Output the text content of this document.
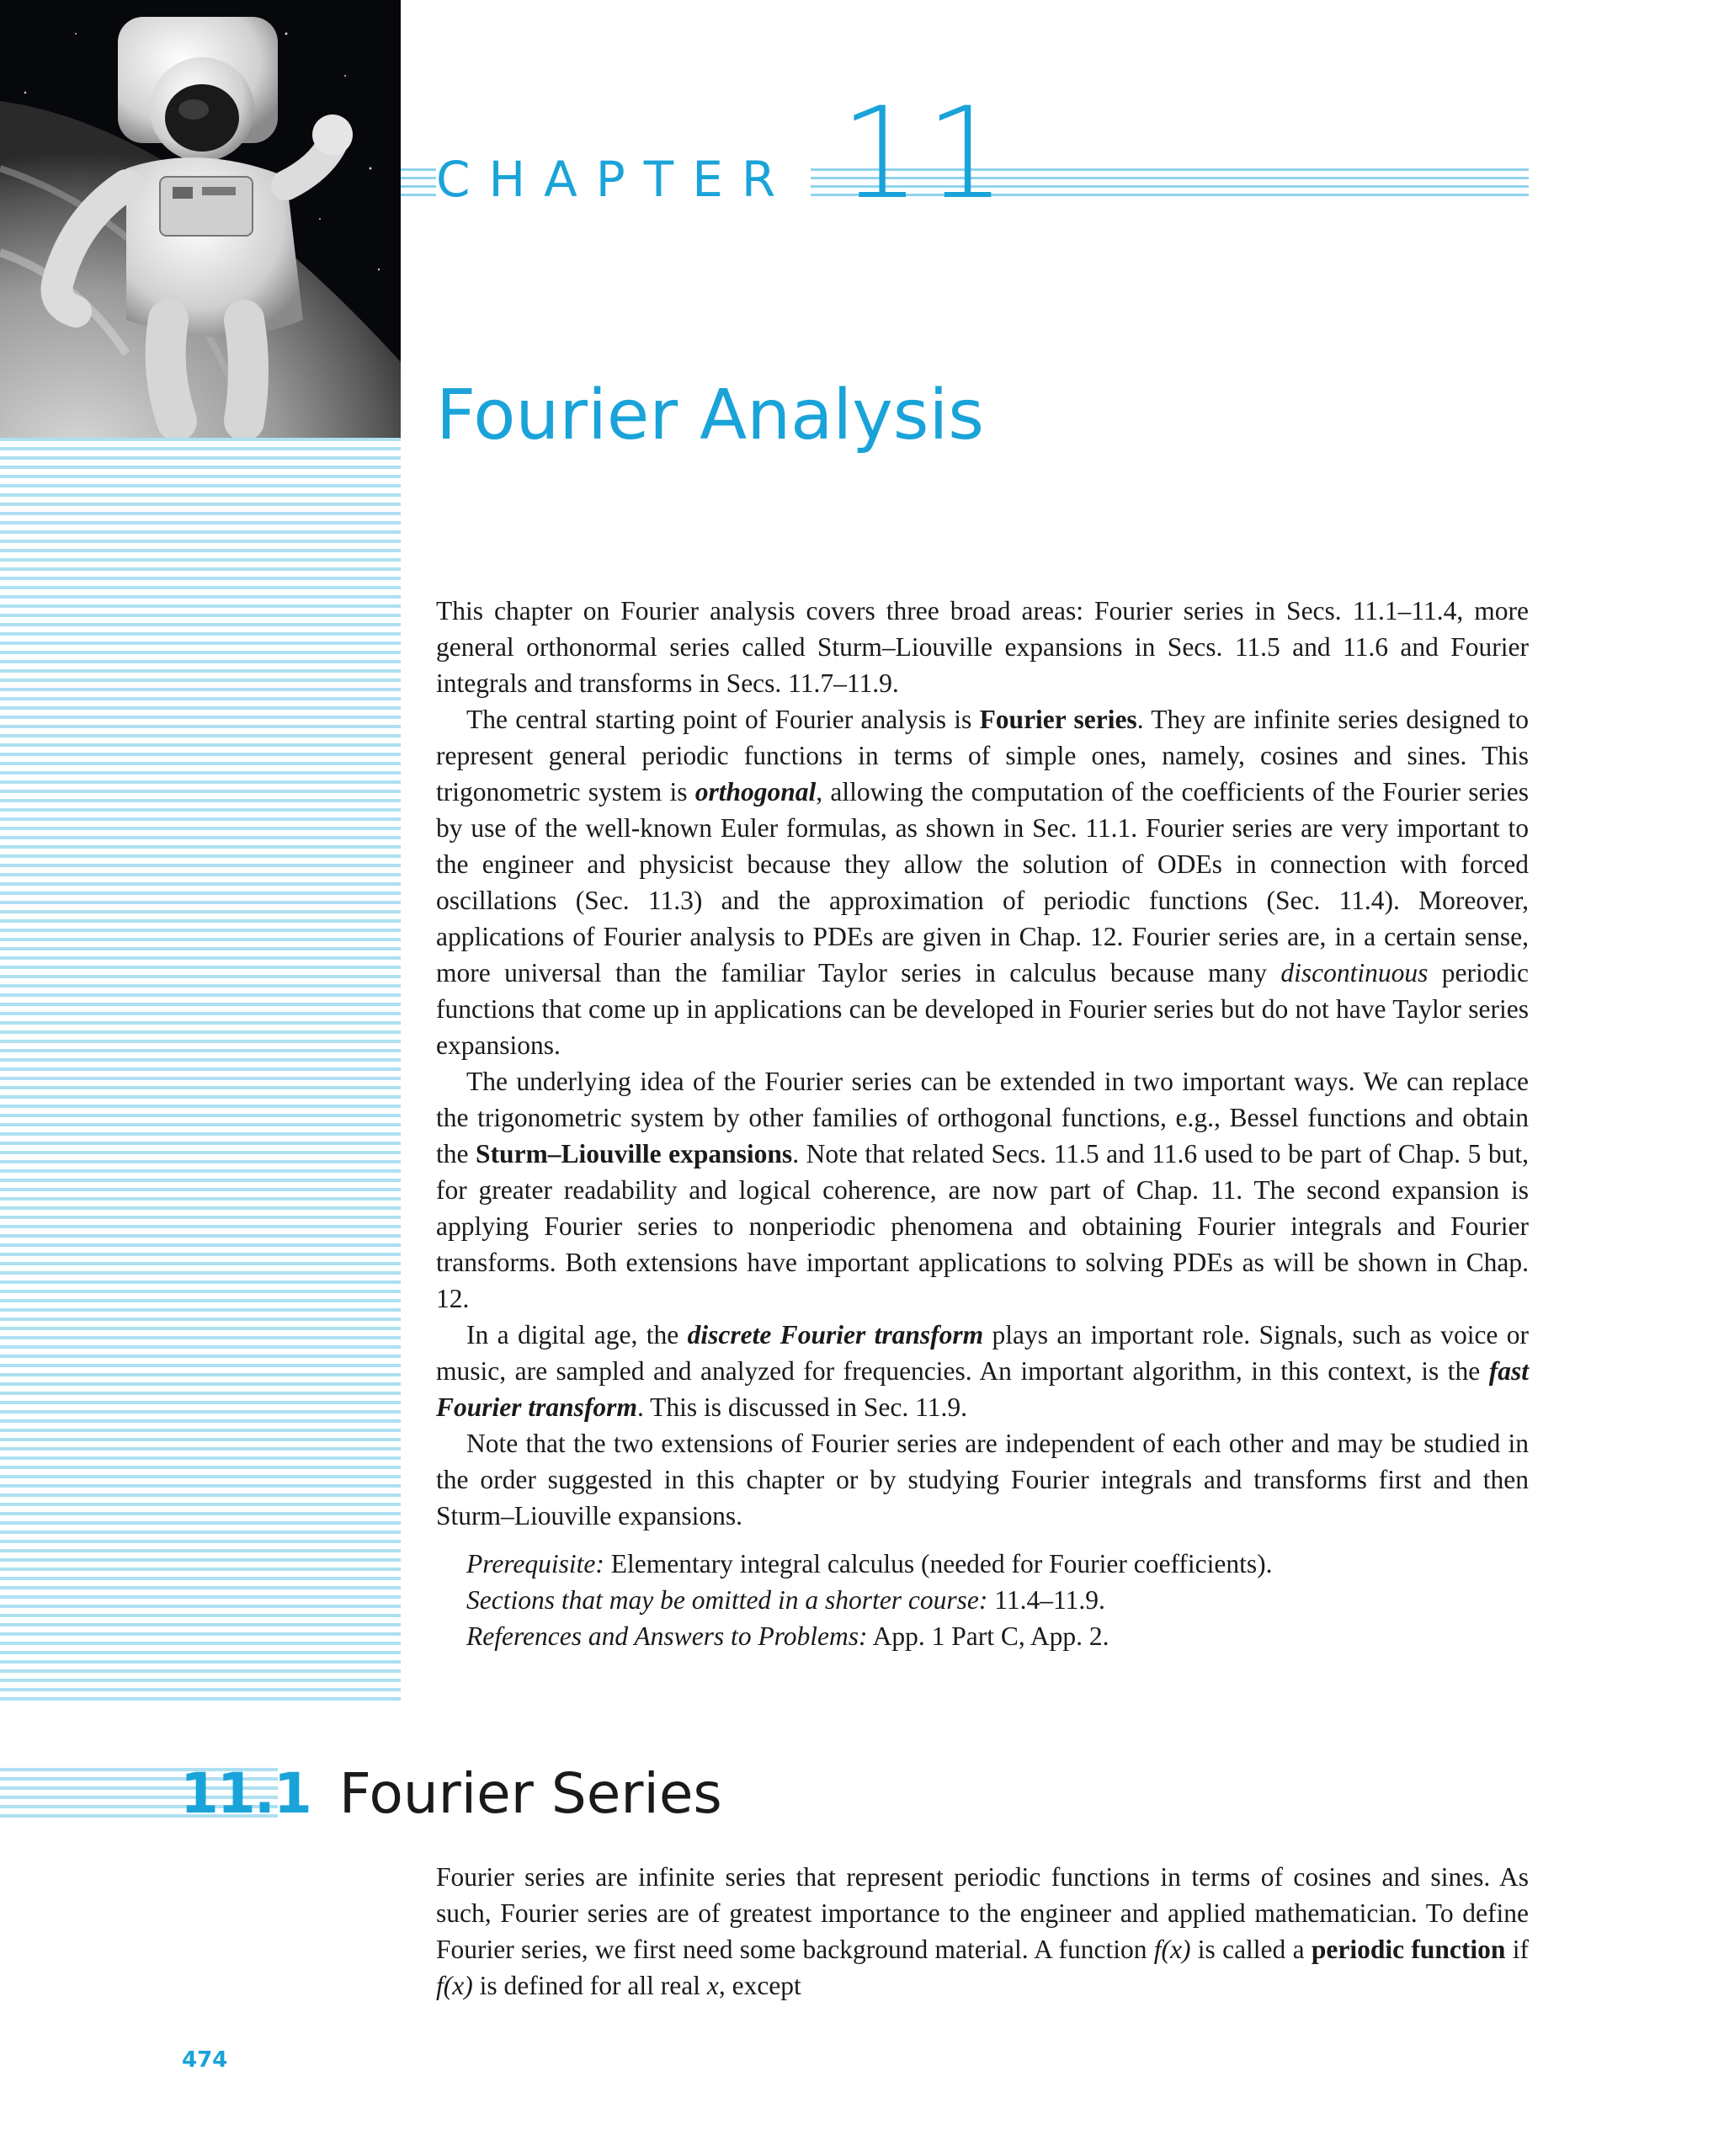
CHAPTER 11
Fourier Analysis

This chapter on Fourier analysis covers three broad areas: Fourier series in Secs. 11.1–11.4, more general orthonormal series called Sturm–Liouville expansions in Secs. 11.5 and 11.6 and Fourier integrals and transforms in Secs. 11.7–11.9.

The central starting point of Fourier analysis is Fourier series. They are infinite series designed to represent general periodic functions in terms of simple ones, namely, cosines and sines. This trigonometric system is orthogonal, allowing the computation of the coefficients of the Fourier series by use of the well-known Euler formulas, as shown in Sec. 11.1. Fourier series are very important to the engineer and physicist because they allow the solution of ODEs in connection with forced oscillations (Sec. 11.3) and the approximation of periodic functions (Sec. 11.4). Moreover, applications of Fourier analysis to PDEs are given in Chap. 12. Fourier series are, in a certain sense, more universal than the familiar Taylor series in calculus because many discontinuous periodic functions that come up in applications can be developed in Fourier series but do not have Taylor series expansions.

The underlying idea of the Fourier series can be extended in two important ways. We can replace the trigonometric system by other families of orthogonal functions, e.g., Bessel functions and obtain the Sturm–Liouville expansions. Note that related Secs. 11.5 and 11.6 used to be part of Chap. 5 but, for greater readability and logical coherence, are now part of Chap. 11. The second expansion is applying Fourier series to nonperiodic phenomena and obtaining Fourier integrals and Fourier transforms. Both extensions have important applications to solving PDEs as will be shown in Chap. 12.

In a digital age, the discrete Fourier transform plays an important role. Signals, such as voice or music, are sampled and analyzed for frequencies. An important algorithm, in this context, is the fast Fourier transform. This is discussed in Sec. 11.9.

Note that the two extensions of Fourier series are independent of each other and may be studied in the order suggested in this chapter or by studying Fourier integrals and transforms first and then Sturm–Liouville expansions.

Prerequisite: Elementary integral calculus (needed for Fourier coefficients).

Sections that may be omitted in a shorter course: 11.4–11.9.

References and Answers to Problems: App. 1 Part C, App. 2.

11.1 Fourier Series

Fourier series are infinite series that represent periodic functions in terms of cosines and sines. As such, Fourier series are of greatest importance to the engineer and applied mathematician. To define Fourier series, we first need some background material. A function f(x) is called a periodic function if f(x) is defined for all real x, except

474
